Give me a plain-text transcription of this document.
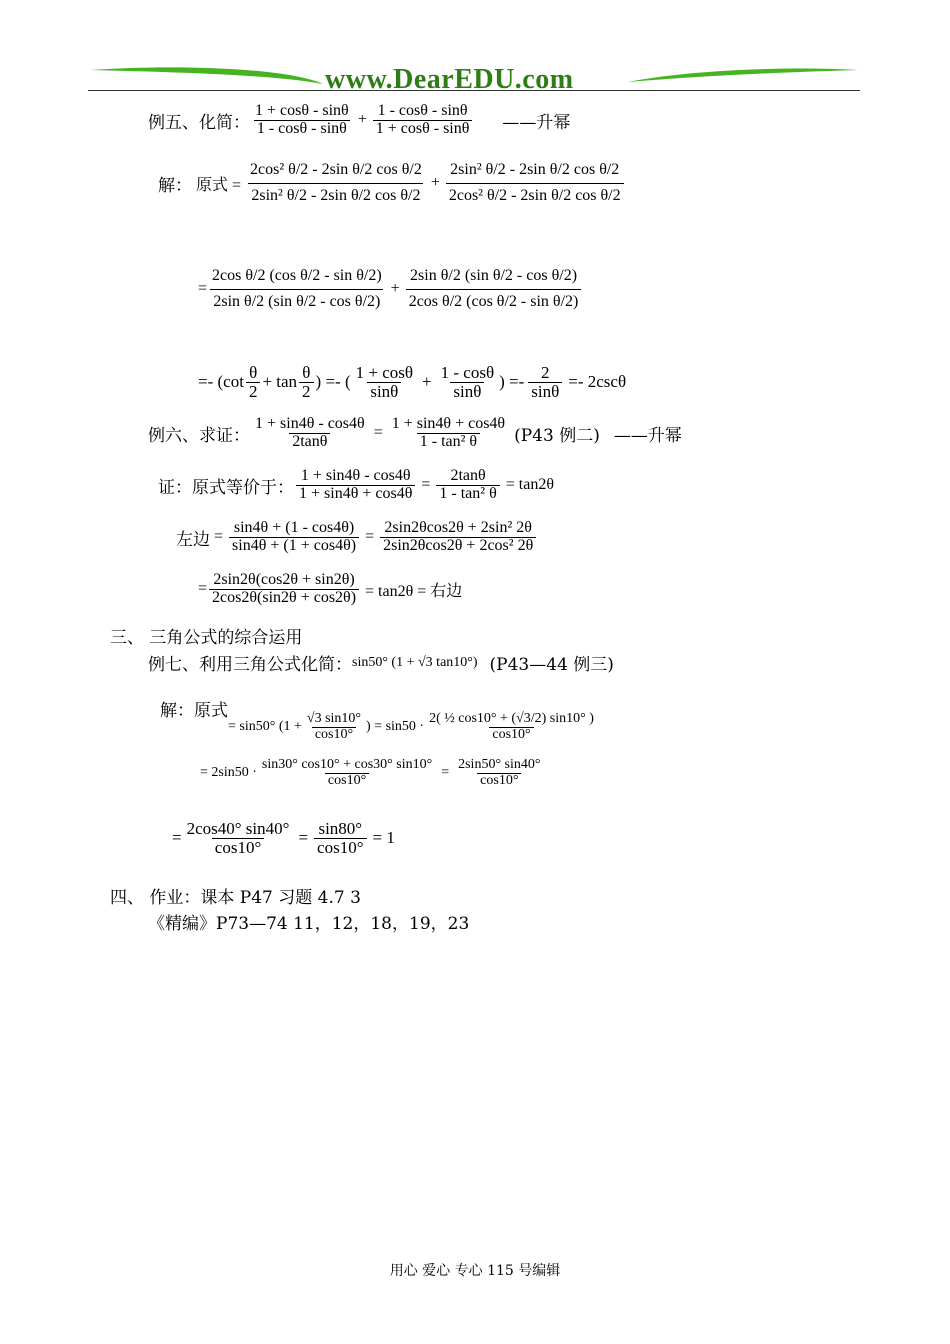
www.DearEDU.com
例五、化简： $\frac{1 + \cos\theta - \sin\theta}{1 - \cos\theta - \sin\theta} + \frac{1 - \cos\theta - \sin\theta}{1 + \cos\theta - \sin\theta}$ ——升幂
解： 原式 = $\frac{\text{2cos² θ/2 - 2sin θ/2 cos θ/2}}{\text{2sin² θ/2 - 2sin θ/2 cos θ/2}} + \frac{\text{2sin² θ/2 - 2sin θ/2 cos θ/2}}{\text{2cos² θ/2 - 2sin θ/2 cos θ/2}}$
= $\frac{\text{2cos θ/2 (cos θ/2 - sin θ/2)}}{\text{2sin θ/2 (sin θ/2 - cos θ/2)}} + \frac{\text{2sin θ/2 (sin θ/2 - cos θ/2)}}{\text{2cos θ/2 (cos θ/2 - sin θ/2)}}$
=- ($\cot \frac{\theta}{2} + \tan \frac{\theta}{2}$ ) =- ( $\frac{1 + \cos\theta}{\sin\theta} + \frac{1 - \cos\theta}{\sin\theta}$ ) =- $\frac{2}{\sin\theta} =- 2\csc\theta$
例六、求证： $\frac{1 + \sin 4\theta - \cos 4\theta}{2\tan\theta} = \frac{1 + \sin 4\theta + \cos 4\theta}{\text{1 - tan² θ}} (P43$ 例二) ——升幂
证：原式等价于： $\frac{1 + \sin 4\theta - \cos 4\theta}{1 + \sin 4\theta + \cos 4\theta} = \frac{2\tan\theta}{\text{1 - tan² θ}} = \tan 2\theta$
左边 = $\frac{\sin 4\theta + (1 - \cos 4\theta)}{\sin 4\theta + (1 + \cos 4\theta)} = \frac{\text{2sin2θcos2θ + 2sin² 2θ}}{\text{2sin2θcos2θ + 2cos² 2θ}}$
= $\frac{2\sin 2\theta(\cos 2\theta + \sin 2\theta)}{2\cos 2\theta(\sin 2\theta + \cos 2\theta)} = \tan 2\theta$ = 右边
三、 三角公式的综合运用
例七、利用三角公式化简： sin50° (1 + √3 tan10°) (P43—44 例三)
解：原式
= sin50° ($1 + \frac{√3 \sin 10^\circ}{\cos 10^\circ}$ ) = $\sin 50 \cdot \frac{\text{2( ½ cos10° + (√3/2) sin10° )}}{\cos 10^\circ}$
= $2\sin 50 \cdot \frac{\sin 30^\circ \cos 10^\circ + \cos 30^\circ \sin 10^\circ}{\cos 10^\circ} = \frac{2\sin 50^\circ \sin 40^\circ}{\cos 10^\circ}$
= $\frac{2\cos 40^\circ \sin 40^\circ}{\cos 10^\circ} = \frac{\sin 80^\circ}{\cos 10^\circ} = 1$
四、 作业：课本 P47 习题 4.7 3
《精编》P73—74 11，12，18，19，23
用心 爱心 专心 115 号编辑
